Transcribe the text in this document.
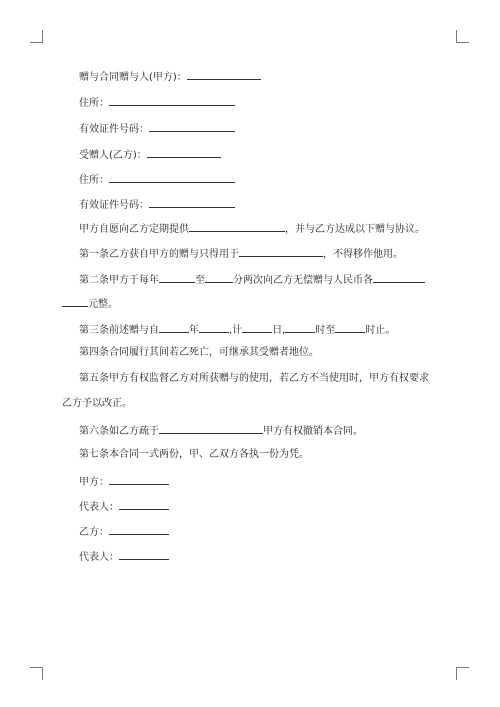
赠与合同赠与人(甲方)：
住所：
有效证件号码：
受赠人(乙方)：
住所：
有效证件号码：
甲方自愿向乙方定期提供	，并与乙方达成以下赠与协议。
第一条乙方获自甲方的赠与只得用于	，不得移作他用。
第二条甲方于每年	至	分两次向乙方无偿赠与人民币各
元整。
第三条前述赠与自	年	,计	日,	时至	时止。
第四条合同履行其间若乙死亡，可继承其受赠者地位。
第五条甲方有权监督乙方对所获赠与的使用，若乙方不当使用时，甲方有权要求
乙方予以改正。
第六条如乙方疏于	甲方有权撤销本合同。
第七条本合同一式两份，甲、乙双方各执一份为凭。
甲方：
代表人：
乙方：
代表人：
